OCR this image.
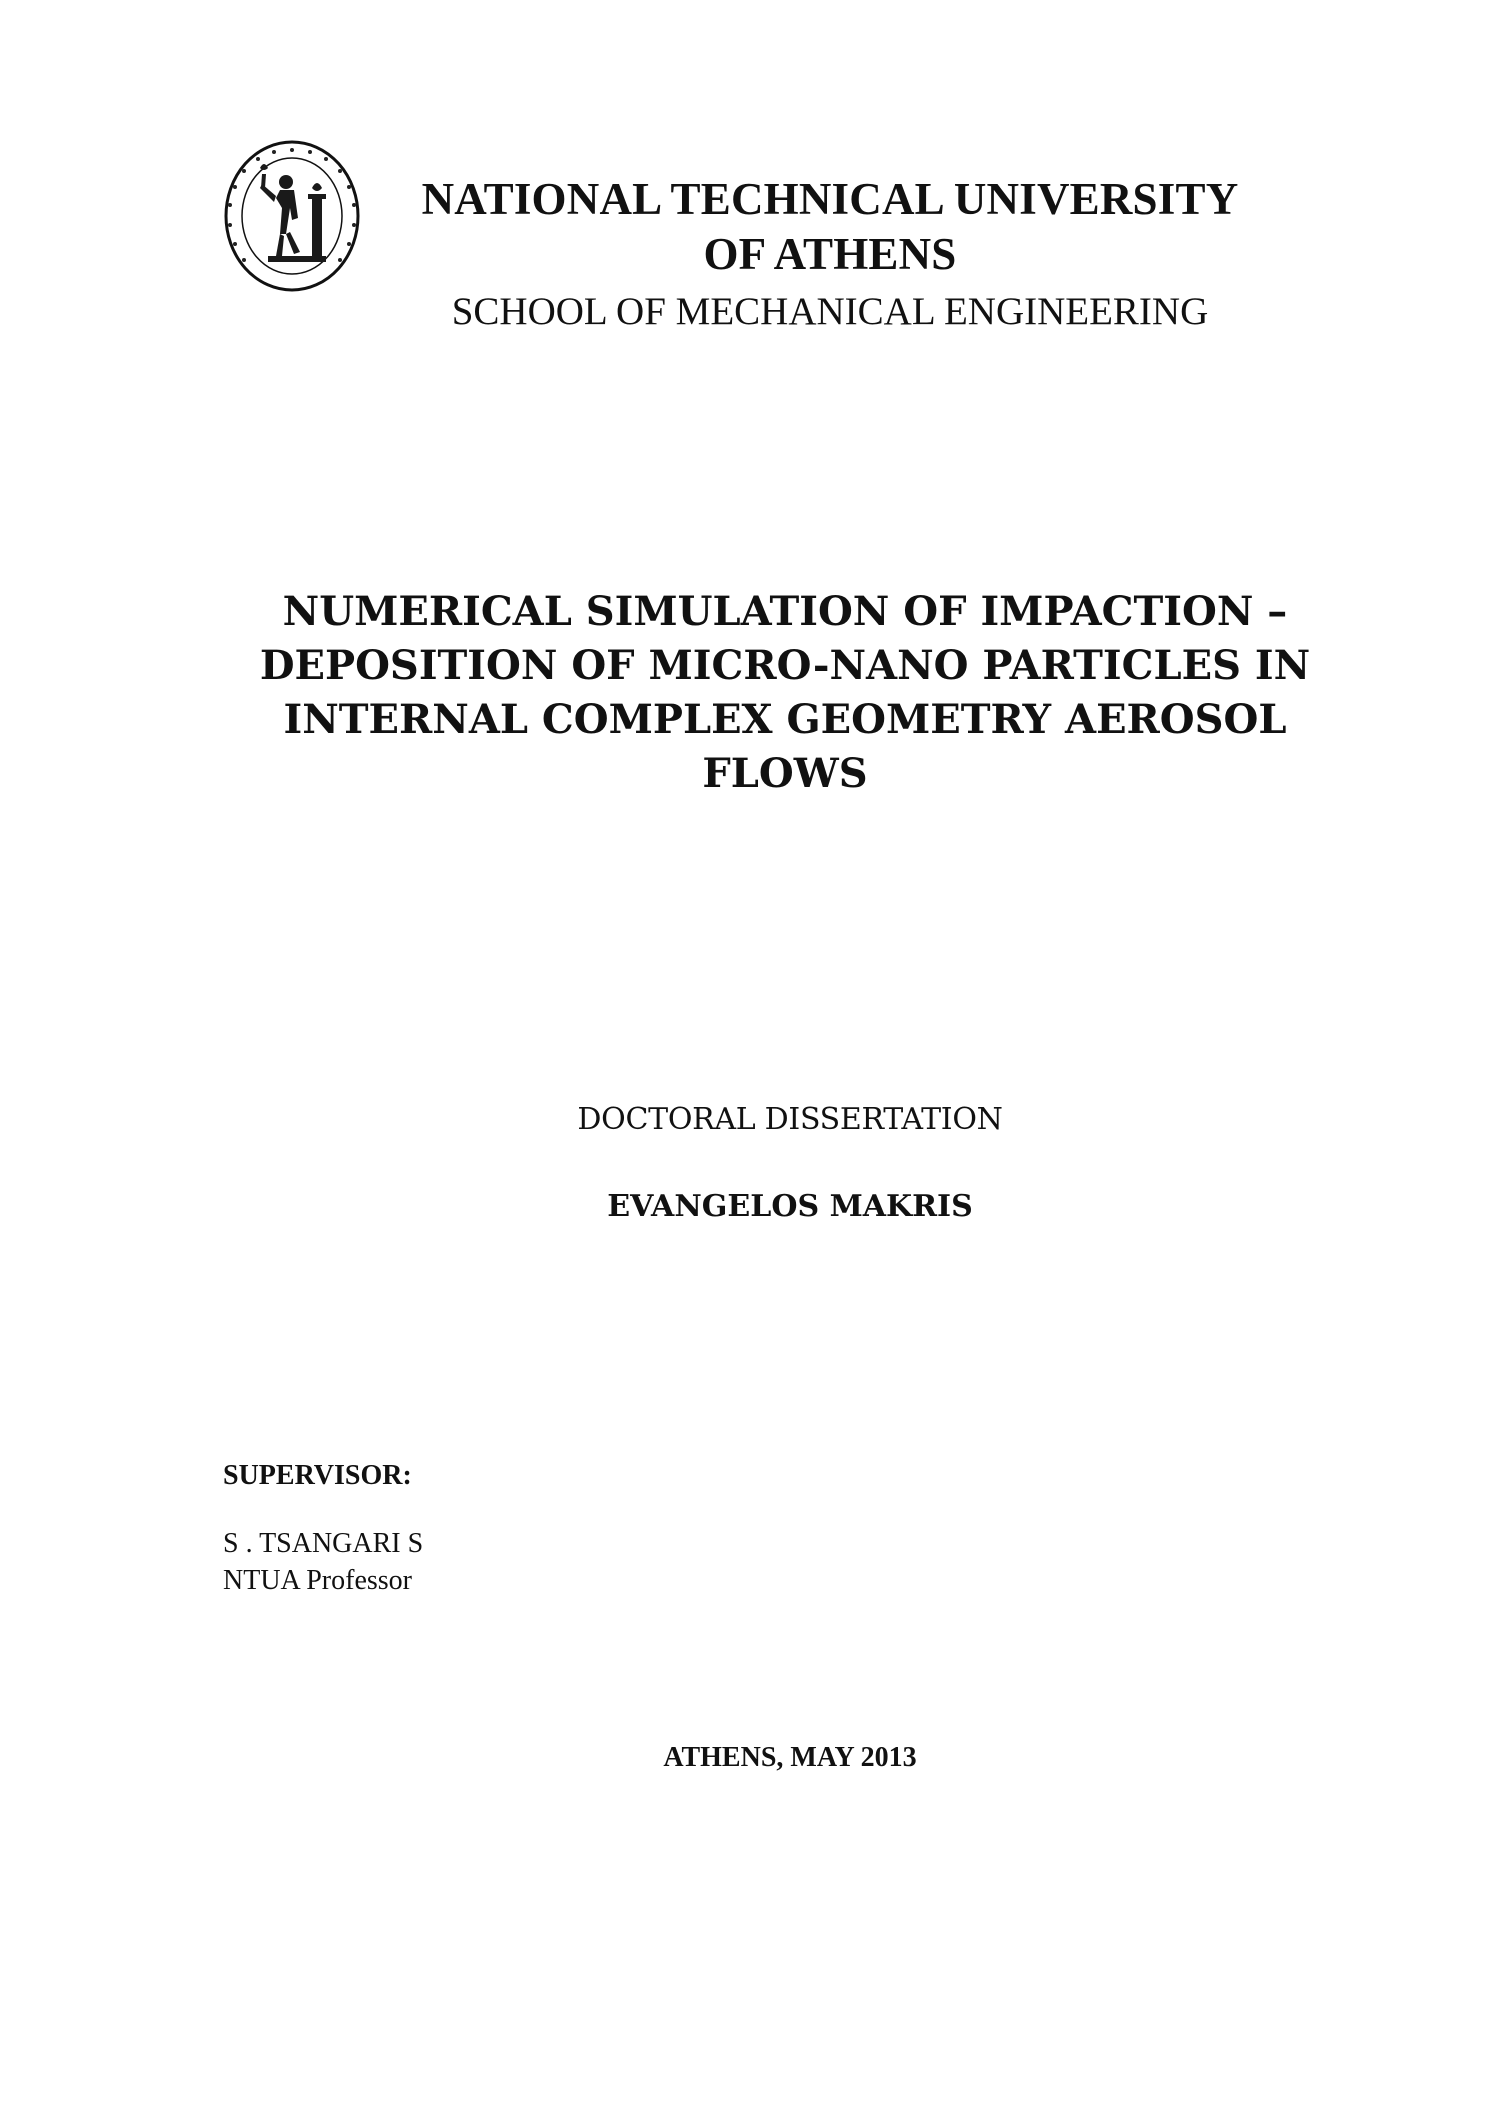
NATIONAL TECHNICAL UNIVERSITY
OF ATHENS
SCHOOL OF MECHANICAL ENGINEERING
NUMERICAL SIMULATION OF IMPACTION –
DEPOSITION OF MICRO-NANO PARTICLES IN
INTERNAL COMPLEX GEOMETRY AEROSOL
FLOWS
DOCTORAL DISSERTATION
EVANGELOS MAKRIS
SUPERVISOR:
S . TSANGARI S
NTUA Professor
ATHENS, MAY 2013
